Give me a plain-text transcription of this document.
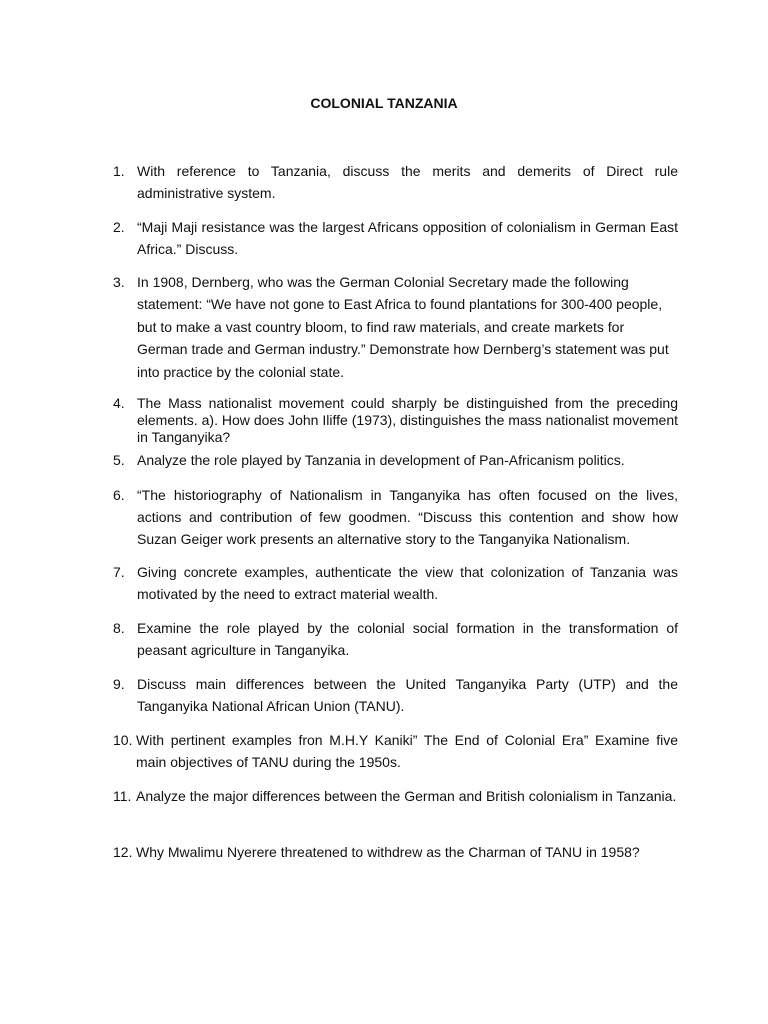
COLONIAL TANZANIA
1. With reference to Tanzania, discuss the merits and demerits of Direct rule administrative system.
2. “Maji Maji resistance was the largest Africans opposition of colonialism in German East Africa.” Discuss.
3. In 1908, Dernberg, who was the German Colonial Secretary made the following statement: “We have not gone to East Africa to found plantations for 300-400 people, but to make a vast country bloom, to find raw materials, and create markets for German trade and German industry.” Demonstrate how Dernberg’s statement was put into practice by the colonial state.
4. The Mass nationalist movement could sharply be distinguished from the preceding elements. a). How does John Iliffe (1973), distinguishes the mass nationalist movement in Tanganyika?
5. Analyze the role played by Tanzania in development of Pan-Africanism politics.
6. “The historiography of Nationalism in Tanganyika has often focused on the lives, actions and contribution of few goodmen. “Discuss this contention and show how Suzan Geiger work presents an alternative story to the Tanganyika Nationalism.
7. Giving concrete examples, authenticate the view that colonization of Tanzania was motivated by the need to extract material wealth.
8. Examine the role played by the colonial social formation in the transformation of peasant agriculture in Tanganyika.
9. Discuss main differences between the United Tanganyika Party (UTP) and the Tanganyika National African Union (TANU).
10. With pertinent examples fron M.H.Y Kaniki” The End of Colonial Era” Examine five main objectives of TANU during the 1950s.
11. Analyze the major differences between the German and British colonialism in Tanzania.
12. Why Mwalimu Nyerere threatened to withdrew as the Charman of TANU in 1958?
